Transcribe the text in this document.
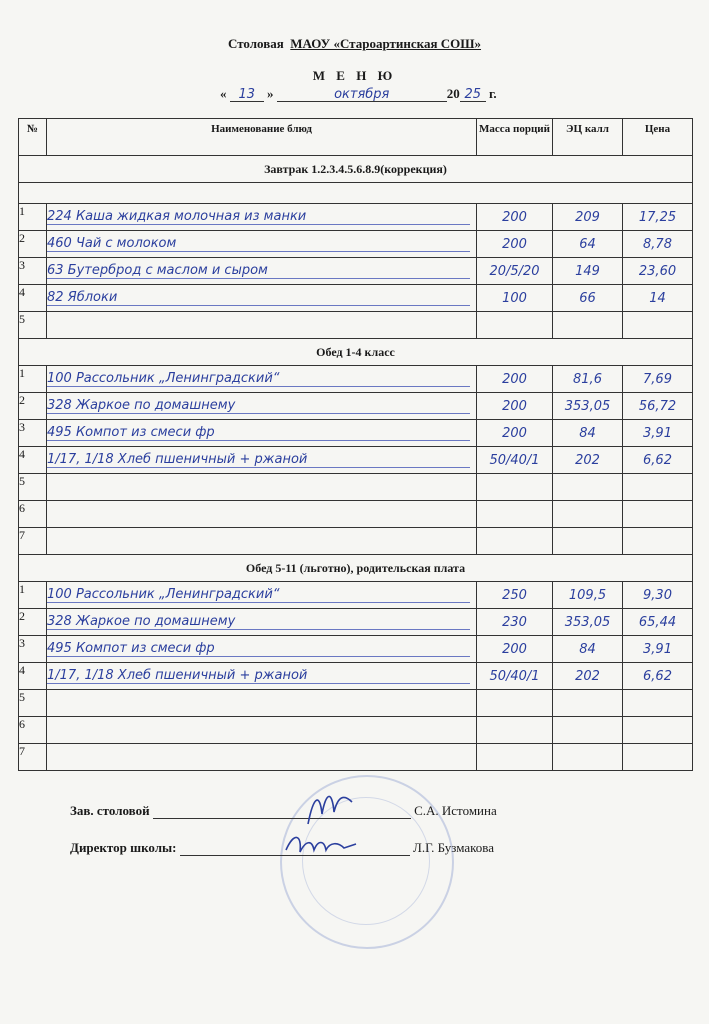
Столовая МАОУ «Староартинская СОШ»
М Е Н Ю
« 13 »	октября	20 25 г.
№	Наименование блюд	Масса порций	ЭЦ калл	Цена
Завтрак 1.2.3.4.5.6.8.9(коррекция)				

1	224 Каша жидкая молочная из манки	200	209	17,25
2	460 Чай с молоком	200	64	8,78
3	63 Бутерброд с маслом и сыром	20/5/20	149	23,60
4	82 Яблоки	100	66	14
5				
Обед 1-4 класс				
1	100 Рассольник „Ленинградский“	200	81,6	7,69
2	328 Жаркое по домашнему	200	353,05	56,72
3	495 Компот из смеси фр	200	84	3,91
4	1/17, 1/18 Хлеб пшеничный + ржаной	50/40/1	202	6,62
5				
6				
7				
Обед 5-11 (льготно), родительская плата				
1	100 Рассольник „Ленинградский“	250	109,5	9,30
2	328 Жаркое по домашнему	230	353,05	65,44
3	495 Компот из смеси фр	200	84	3,91
4	1/17, 1/18 Хлеб пшеничный + ржаной	50/40/1	202	6,62
5				
6				
7				
Зав. столовой	С.А. Истомина
Директор школы:	Л.Г. Бузмакова
